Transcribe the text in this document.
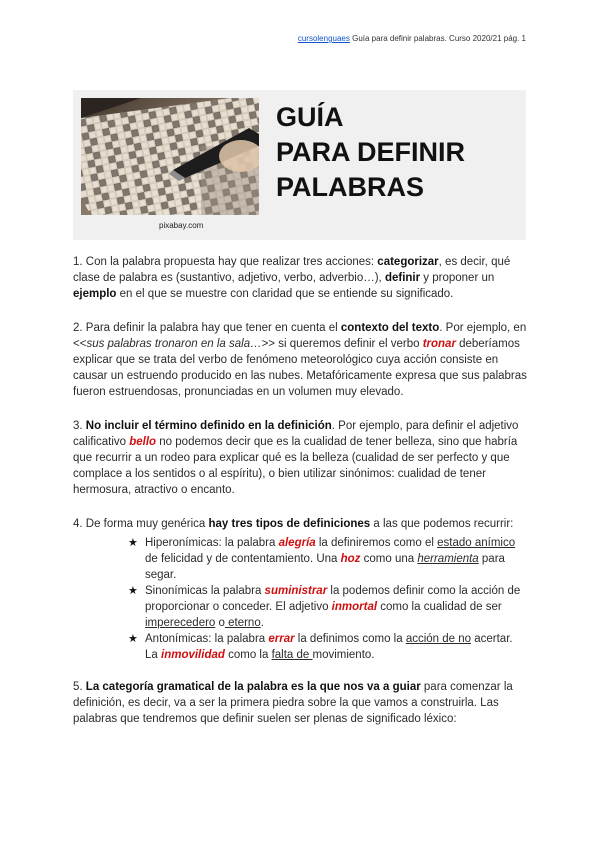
cursolenguaes Guía para definir palabras. Curso 2020/21 pág. 1
pixabay.com
GUÍA
PARA DEFINIR
PALABRAS

1. Con la palabra propuesta hay que realizar tres acciones: categorizar, es decir, qué clase de palabra es (sustantivo, adjetivo, verbo, adverbio…), definir y proponer un ejemplo en el que se muestre con claridad que se entiende su significado.

2. Para definir la palabra hay que tener en cuenta el contexto del texto. Por ejemplo, en <<sus palabras tronaron en la sala…>> si queremos definir el verbo tronar deberíamos explicar que se trata del verbo de fenómeno meteorológico cuya acción consiste en causar un estruendo producido en las nubes. Metafóricamente expresa que sus palabras fueron estruendosas, pronunciadas en un volumen muy elevado.

3. No incluir el término definido en la definición. Por ejemplo, para definir el adjetivo calificativo bello no podemos decir que es la cualidad de tener belleza, sino que habría que recurrir a un rodeo para explicar qué es la belleza (cualidad de ser perfecto y que complace a los sentidos o al espíritu), o bien utilizar sinónimos: cualidad de tener hermosura, atractivo o encanto.

4. De forma muy genérica hay tres tipos de definiciones a las que podemos recurrir:

★ Hiperonímicas: la palabra alegría la definiremos como el estado anímico de felicidad y de contentamiento. Una hoz como una herramienta para segar.
★ Sinonímicas la palabra suministrar la podemos definir como la acción de proporcionar o conceder. El adjetivo inmortal como la cualidad de ser imperecedero o eterno.
★ Antonímicas: la palabra errar la definimos como la acción de no acertar. La inmovilidad como la falta de movimiento.

5. La categoría gramatical de la palabra es la que nos va a guiar para comenzar la definición, es decir, va a ser la primera piedra sobre la que vamos a construirla. Las palabras que tendremos que definir suelen ser plenas de significado léxico:
